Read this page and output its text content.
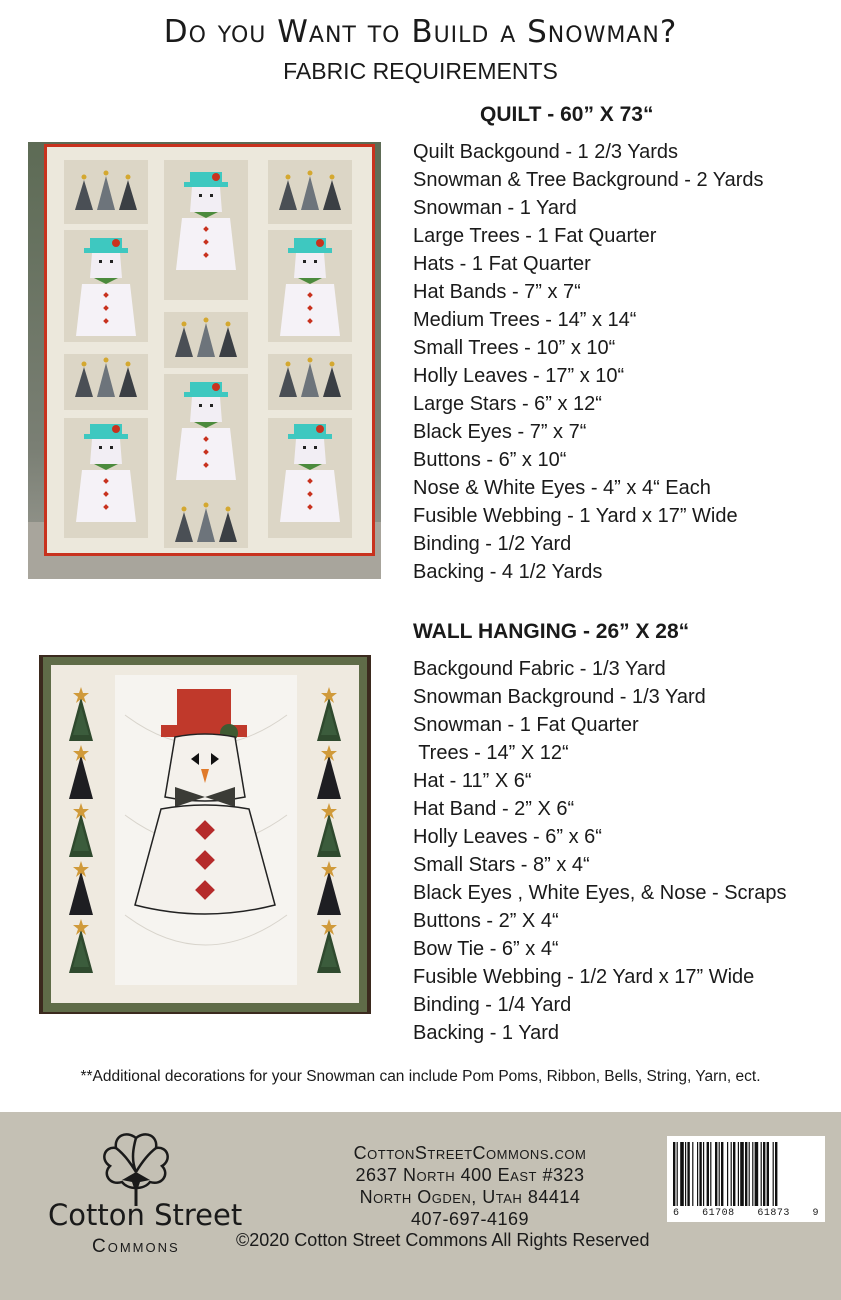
Do you Want to Build a Snowman?
FABRIC REQUIREMENTS
QUILT - 60” X 73“
Quilt Backgound - 1 2/3 Yards
Snowman & Tree Background - 2 Yards
Snowman - 1 Yard
Large Trees - 1 Fat Quarter
Hats - 1 Fat Quarter
Hat Bands - 7” x 7“
Medium Trees - 14” x 14“
Small Trees - 10” x 10“
Holly Leaves - 17” x 10“
Large Stars - 6” x 12“
Black Eyes - 7” x 7“
Buttons - 6” x 10“
Nose & White Eyes - 4” x 4“ Each
Fusible Webbing - 1 Yard x 17” Wide
Binding - 1/2 Yard
Backing - 4 1/2 Yards
WALL HANGING - 26” X 28“
Backgound Fabric - 1/3 Yard
Snowman Background - 1/3 Yard
Snowman - 1 Fat Quarter
Trees - 14” X 12“
Hat - 11” X 6“
Hat Band - 2” X 6“
Holly Leaves - 6” x 6“
Small Stars - 8” x 4“
Black Eyes , White Eyes, & Nose - Scraps
Buttons - 2” X 4“
Bow Tie - 6” x 4“
Fusible Webbing - 1/2 Yard x 17” Wide
Binding - 1/4 Yard
Backing - 1 Yard
**Additional decorations for your Snowman can include Pom Poms, Ribbon, Bells, String, Yarn, ect.
Cotton Street
Commons
CottonStreetCommons.com
2637 North 400 East #323
North Ogden, Utah 84414
407-697-4169
©2020 Cotton Street Commons All Rights Reserved
6 61708 61873 9
